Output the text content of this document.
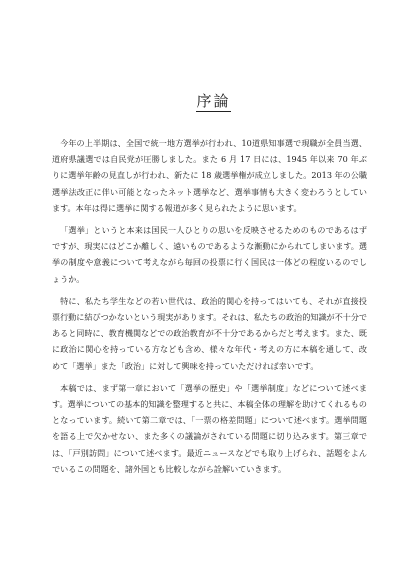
序論

今年の上半期は、全国で統一地方選挙が行われ、10道県知事選で現職が全員当選、道府県議選では自民党が圧勝しました。また 6 月 17 日には、1945 年以来 70 年ぶりに選挙年齢の見直しが行われ、新たに 18 歳選挙権が成立しました。2013 年の公職選挙法改正に伴い可能となったネット選挙など、選挙事情も大きく変わろうとしています。本年は得に選挙に関する報道が多く見られたように思います。

「選挙」というと本来は国民一人ひとりの思いを反映させるためのものであるはずですが、現実にはどこか離しく、遠いものであるような漸動にかられてしまいます。選挙の制度や意義について考えながら毎回の投票に行く国民は一体どの程度いるのでしょうか。

特に、私たち学生などの若い世代は、政治的関心を持ってはいても、それが直接投票行動に結びつかないという現実があります。それは、私たちの政治的知識が不十分であると同時に、教育機関などでの政治教育が不十分であるからだと考えます。また、既に政治に関心を持っている方なども含め、様々な年代・考えの方に本稿を通して、改めて「選挙」また「政治」に対して興味を持っていただければ幸いです。

本稿では、まず第一章において「選挙の歴史」や「選挙制度」などについて述べます。選挙についての基本的知識を整理すると共に、本稿全体の理解を助けてくれるものとなっています。続いて第二章では、「一票の格差問題」について述べます。選挙問題を語る上で欠かせない、また多くの議論がされている問題に切り込みます。第三章では、「戸別訪問」について述べます。最近ニュースなどでも取り上げられ、話題をよんでいるこの問題を、諸外国とも比較しながら詮解いていきます。
